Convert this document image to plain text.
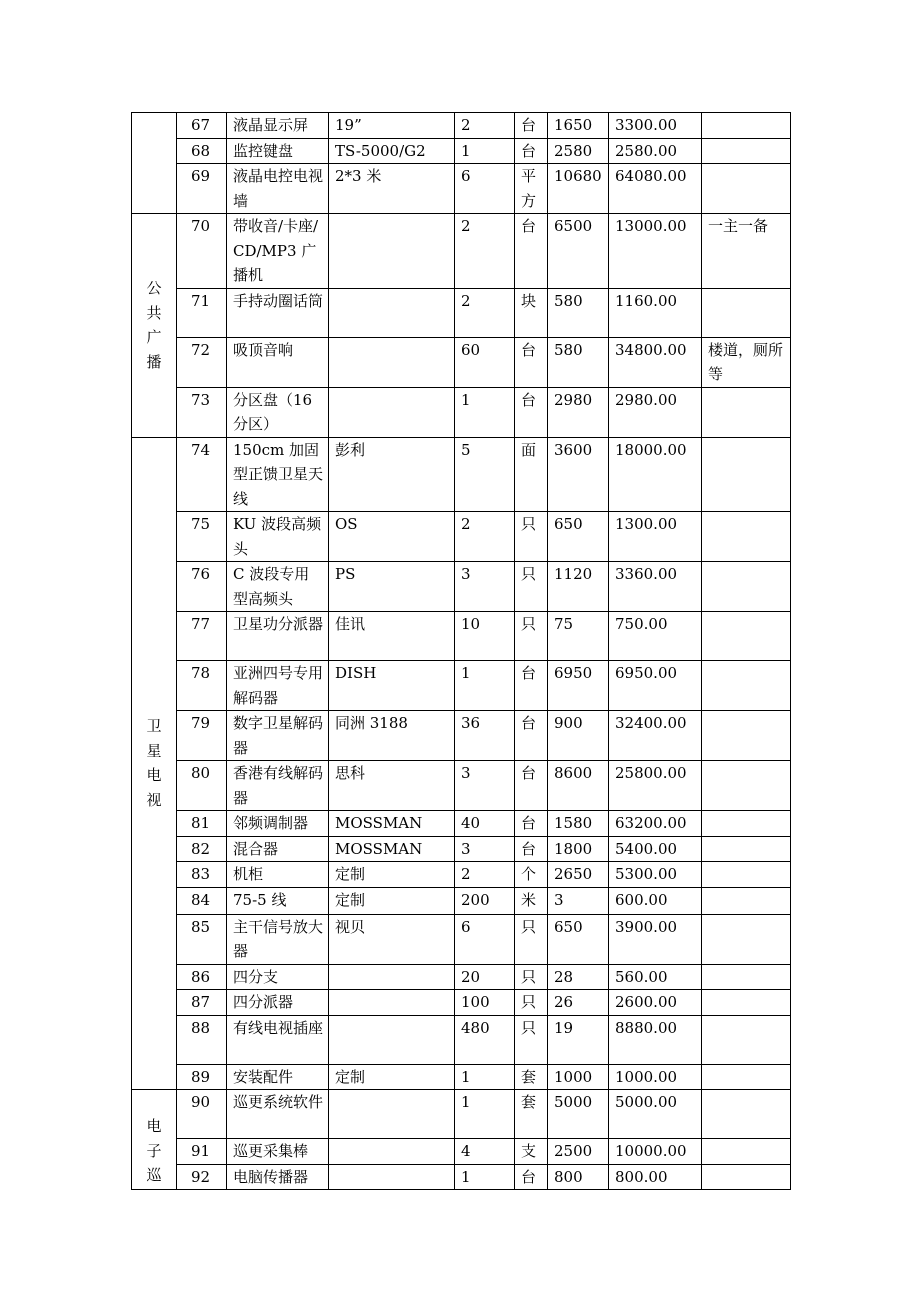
	67	液晶显示屏	19”	2	台	1650	3300.00	
	68	监控键盘	TS-5000/G2	1	台	2580	2580.00	
	69	液晶电控电视墙	2*3 米	6	平方	10680	64080.00	

公共广播	70	带收音/卡座/CD/MP3 广播机		2	台	6500	13000.00	一主一备
	71	手持动圈话筒		2	块	580	1160.00	
	72	吸顶音响		60	台	580	34800.00	楼道，厕所等
	73	分区盘（16 分区）		1	台	2980	2980.00	

卫星电视	74	150cm 加固型正馈卫星天线	彭利	5	面	3600	18000.00	
	75	KU 波段高频头	OS	2	只	650	1300.00	
	76	C 波段专用型高频头	PS	3	只	1120	3360.00	
	77	卫星功分派器	佳讯	10	只	75	750.00	
	78	亚洲四号专用解码器	DISH	1	台	6950	6950.00	
	79	数字卫星解码器	同洲 3188	36	台	900	32400.00	
	80	香港有线解码器	思科	3	台	8600	25800.00	
	81	邻频调制器	MOSSMAN	40	台	1580	63200.00	
	82	混合器	MOSSMAN	3	台	1800	5400.00	
	83	机柜	定制	2	个	2650	5300.00	
	84	75-5 线	定制	200	米	3	600.00	
	85	主干信号放大器	视贝	6	只	650	3900.00	
	86	四分支		20	只	28	560.00	
	87	四分派器		100	只	26	2600.00	
	88	有线电视插座		480	只	19	8880.00	
	89	安装配件	定制	1	套	1000	1000.00	

电子巡	90	巡更系统软件		1	套	5000	5000.00	
	91	巡更采集棒		4	支	2500	10000.00	
	92	电脑传播器		1	台	800	800.00	
